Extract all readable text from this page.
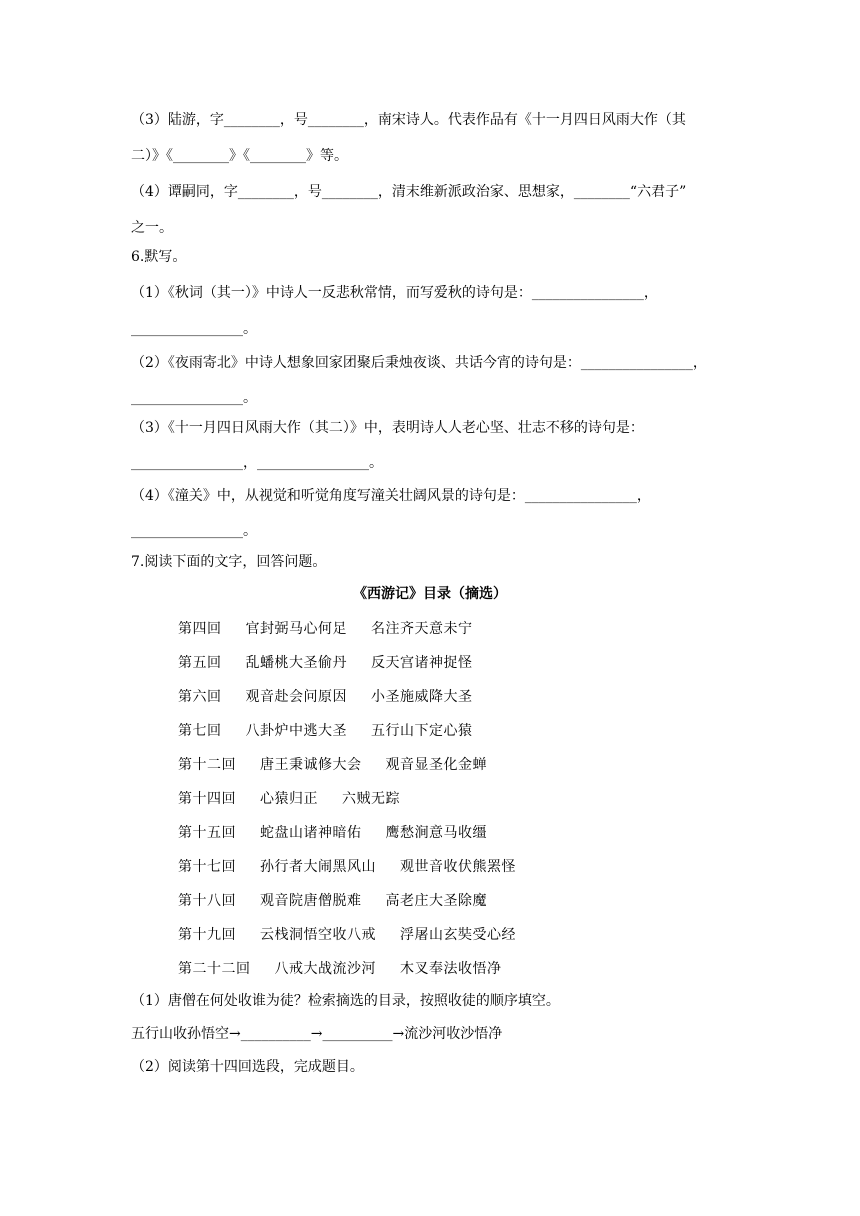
（3）陆游，字________，号________，南宋诗人。代表作品有《十一月四日风雨大作（其
二）》《________》《________》等。
（4）谭嗣同，字________，号________，清末维新派政治家、思想家，________“六君子”
之一。
6.默写。
（1）《秋词（其一）》中诗人一反悲秋常情，而写爱秋的诗句是：________________，
________________。
（2）《夜雨寄北》中诗人想象回家团聚后秉烛夜谈、共话今宵的诗句是：________________，
________________。
（3）《十一月四日风雨大作（其二）》中，表明诗人人老心坚、壮志不移的诗句是：
________________，________________。
（4）《潼关》中，从视觉和听觉角度写潼关壮阔风景的诗句是：________________，
________________。
7.阅读下面的文字，回答问题。
《西游记》目录（摘选）
第四回 官封弼马心何足 名注齐天意未宁
第五回 乱蟠桃大圣偷丹 反天宫诸神捉怪
第六回 观音赴会问原因 小圣施威降大圣
第七回 八卦炉中逃大圣 五行山下定心猿
第十二回 唐王秉诚修大会 观音显圣化金蝉
第十四回 心猿归正 六贼无踪
第十五回 蛇盘山诸神暗佑 鹰愁涧意马收缰
第十七回 孙行者大闹黑风山 观世音收伏熊罴怪
第十八回 观音院唐僧脱难 高老庄大圣除魔
第十九回 云栈洞悟空收八戒 浮屠山玄奘受心经
第二十二回 八戒大战流沙河 木叉奉法收悟净
（1）唐僧在何处收谁为徒？检索摘选的目录，按照收徒的顺序填空。
五行山收孙悟空→__________→__________→流沙河收沙悟净
（2）阅读第十四回选段，完成题目。
